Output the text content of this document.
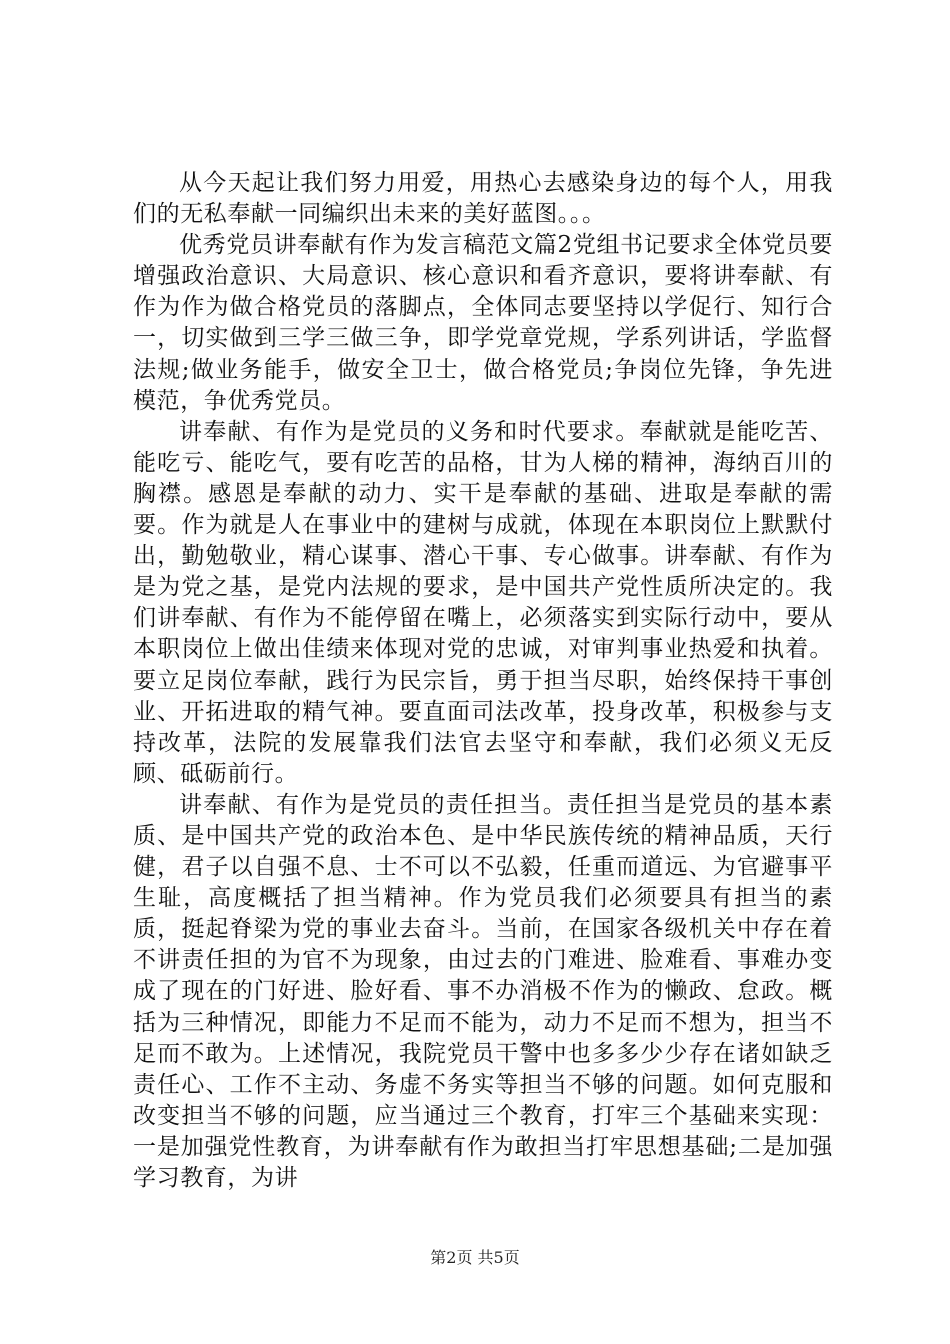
从今天起让我们努力用爱，用热心去感染身边的每个人，用我们的无私奉献一同编织出未来的美好蓝图。。。

优秀党员讲奉献有作为发言稿范文篇2党组书记要求全体党员要增强政治意识、大局意识、核心意识和看齐意识，要将讲奉献、有作为作为做合格党员的落脚点，全体同志要坚持以学促行、知行合一，切实做到三学三做三争，即学党章党规，学系列讲话，学监督法规;做业务能手，做安全卫士，做合格党员;争岗位先锋，争先进模范，争优秀党员。

讲奉献、有作为是党员的义务和时代要求。奉献就是能吃苦、能吃亏、能吃气，要有吃苦的品格，甘为人梯的精神，海纳百川的胸襟。感恩是奉献的动力、实干是奉献的基础、进取是奉献的需要。作为就是人在事业中的建树与成就，体现在本职岗位上默默付出，勤勉敬业，精心谋事、潜心干事、专心做事。讲奉献、有作为是为党之基，是党内法规的要求，是中国共产党性质所决定的。我们讲奉献、有作为不能停留在嘴上，必须落实到实际行动中，要从本职岗位上做出佳绩来体现对党的忠诚，对审判事业热爱和执着。要立足岗位奉献，践行为民宗旨，勇于担当尽职，始终保持干事创业、开拓进取的精气神。要直面司法改革，投身改革，积极参与支持改革，法院的发展靠我们法官去坚守和奉献，我们必须义无反顾、砥砺前行。

讲奉献、有作为是党员的责任担当。责任担当是党员的基本素质、是中国共产党的政治本色、是中华民族传统的精神品质，天行健，君子以自强不息、士不可以不弘毅，任重而道远、为官避事平生耻，高度概括了担当精神。作为党员我们必须要具有担当的素质，挺起脊梁为党的事业去奋斗。当前，在国家各级机关中存在着不讲责任担的为官不为现象，由过去的门难进、脸难看、事难办变成了现在的门好进、脸好看、事不办消极不作为的懒政、怠政。概括为三种情况，即能力不足而不能为，动力不足而不想为，担当不足而不敢为。上述情况，我院党员干警中也多多少少存在诸如缺乏责任心、工作不主动、务虚不务实等担当不够的问题。如何克服和改变担当不够的问题，应当通过三个教育，打牢三个基础来实现：一是加强党性教育，为讲奉献有作为敢担当打牢思想基础;二是加强学习教育，为讲

第2页 共5页
